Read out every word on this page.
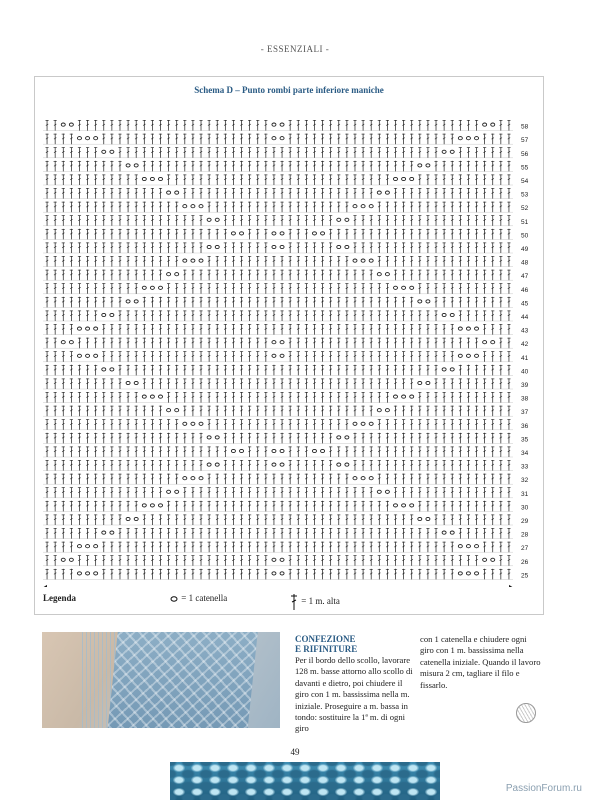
- ESSENZIALI -
Schema D – Punto rombi parte inferiore maniche
58
57
56
55
54
53
52
51
50
49
48
47
46
45
44
43
42
41
40
39
38
37
36
35
34
33
32
31
30
29
28
27
26
25
Legenda	= 1 catenella	= 1 m. alta
CONFEZIONE
E RIFINITURE
Per il bordo dello scollo, lavorare 128 m. basse attorno allo scollo di davanti e dietro, poi chiudere il giro con 1 m. bassissima nella m. iniziale. Proseguire a m. bassa in tondo: sostituire la 1ª m. di ogni giro
con 1 catenella e chiudere ogni giro con 1 m. bassissima nella catenella iniziale. Quando il lavoro misura 2 cm, tagliare il filo e fissarlo.
49
PassionForum.ru
